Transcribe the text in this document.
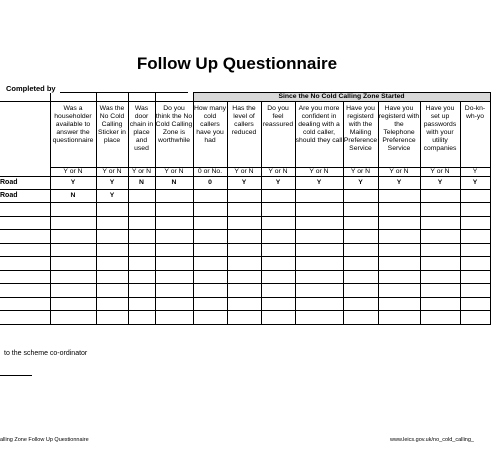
Follow Up Questionnaire
Completed by
					Since the No Cold Calling Zone Started							
	Was a householder available to answer the questionnaire	Was the No Cold Calling Sticker in place	Was door chain in place and used	Do you think the No Cold Calling Zone is worthwhile	How many cold callers have you had	Has the level of callers reduced	Do you feel reassured	Are you more confident in dealing with a cold caller, should they call	Have you registerd with the Mailing Preference Service	Have you registerd with the Telephone Preference Service	Have you set up passwords with your utility companies	Do-kn-wh-yo
	Y or N	Y or N	Y or N	Y or N	0 or No.	Y or N	Y or N	Y or N	Y or N	Y or N	Y or N	Y
Road	Y	Y	N	N	0	Y	Y	Y	Y	Y	Y	Y
Road	N	Y										

to the scheme co-ordinator
alling Zone Follow Up Questionnaire	www.leics.gov.uk/no_cold_calling_
